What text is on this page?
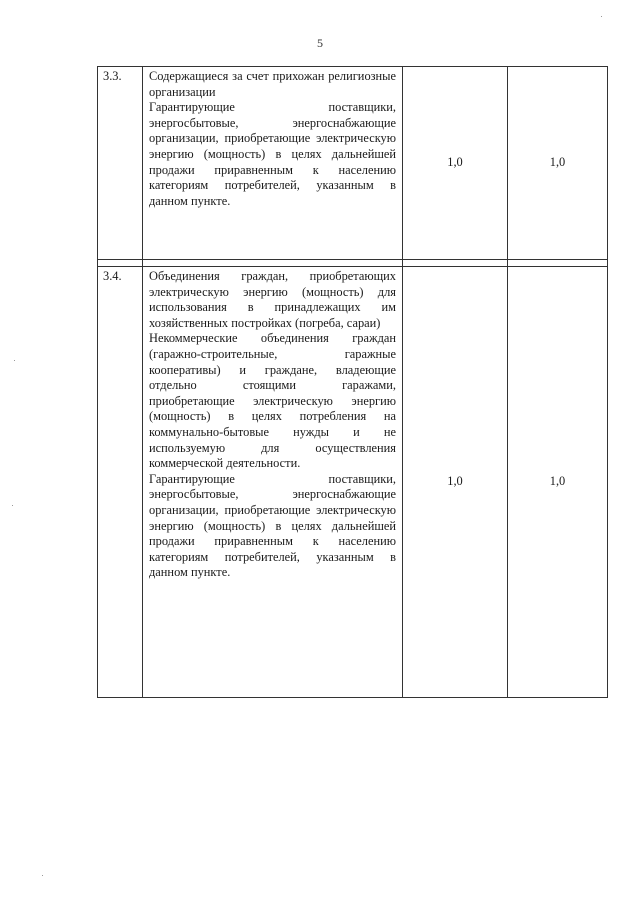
5
3.3.	Содержащиеся за счет прихожан религиозные организации

Гарантирующие поставщики, энергосбытовые, энергоснабжающие организации, приобретающие электрическую энергию (мощность) в целях дальнейшей продажи приравненным к населению категориям потребителей, указанным в данном пункте.	1,0	1,0

3.4.	Объединения граждан, приобретающих электрическую энергию (мощность) для использования в принадлежащих им хозяйственных постройках (погреба, сараи)

Некоммерческие объединения граждан (гаражно-строительные, гаражные кооперативы) и граждане, владеющие отдельно стоящими гаражами, приобретающие электрическую энергию (мощность) в целях потребления на коммунально-бытовые нужды и не используемую для осуществления коммерческой деятельности.

Гарантирующие поставщики, энергосбытовые, энергоснабжающие организации, приобретающие электрическую энергию (мощность) в целях дальнейшей продажи приравненным к населению категориям потребителей, указанным в данном пункте.	1,0	1,0
